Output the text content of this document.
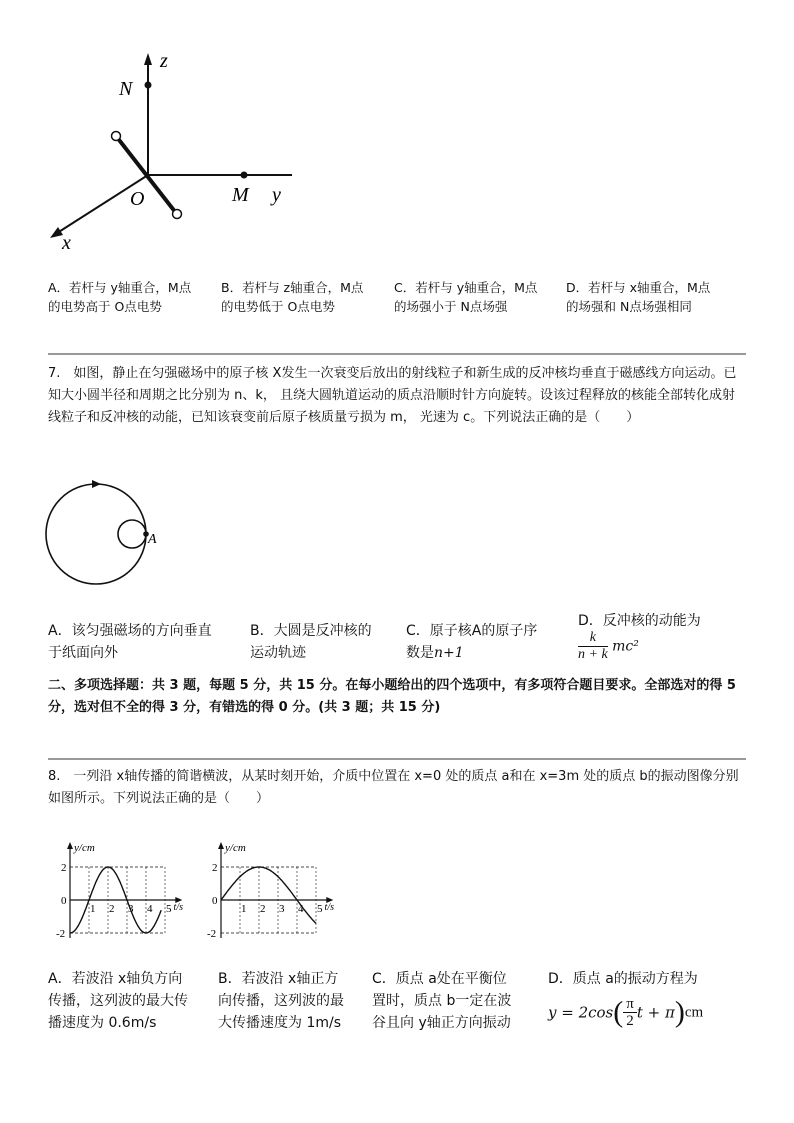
z
N
O	M y
x
A．若杆与 y轴重合，M点
的电势高于 O点电势
B．若杆与 z轴重合，M点
的电势低于 O点电势
C．若杆与 y轴重合，M点
的场强小于 N点场强
D．若杆与 x轴重合，M点
的场强和 N点场强相同
7.　如图，静止在匀强磁场中的原子核 X发生一次衰变后放出的射线粒子和新生成的反冲核均垂直于磁感线方向运动。已知大小圆半径和周期之比分别为 n、k， 且绕大圆轨道运动的质点沿顺时针方向旋转。设该过程释放的核能全部转化成射线粒子和反冲核的动能，已知该衰变前后原子核质量亏损为 m， 光速为 c。下列说法正确的是（　　）
A
A．该匀强磁场的方向垂直
于纸面向外
B．大圆是反冲核的
运动轨迹
C．原子核A的原子序
数是n+1
D．反冲核的动能为
$\frac{k}{n + k} mc^2$
二、多项选择题：共 3 题，每题 5 分，共 15 分。在每小题给出的四个选项中，有多项符合题目要求。全部选对的得 5 分，选对但不全的得 3 分，有错选的得 0 分。(共 3 题；共 15 分)
8.　一列沿 x轴传播的简谐横波，从某时刻开始，介质中位置在 x=0 处的质点 a和在 x=3m 处的质点 b的振动图像分别如图所示。下列说法正确的是（　　）
y/cm
t/s
2
0
-2
1 2 3 4 5
y/cm
t/s
2
0
-2
1 2 3 4 5
A．若波沿 x轴负方向
传播，这列波的最大传
播速度为 0.6m/s
B．若波沿 x轴正方
向传播，这列波的最
大传播速度为 1m/s
C．质点 a处在平衡位
置时，质点 b一定在波
谷且向 y轴正方向振动
D．质点 a的振动方程为
$y = 2\cos( \frac{\pi}{2}$ t + π)cm
